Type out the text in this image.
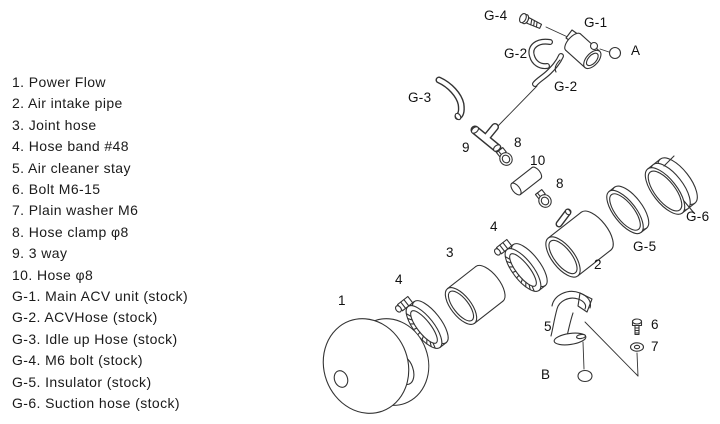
1. Power Flow
2. Air intake pipe
3. Joint hose
4. Hose band #48
5. Air cleaner stay
6. Bolt M6-15
7. Plain washer M6
8. Hose clamp φ8
9. 3 way
10. Hose φ8
G-1. Main ACV unit (stock)
G-2. ACVHose (stock)
G-3. Idle up Hose (stock)
G-4. M6 bolt (stock)
G-5. Insulator (stock)
G-6. Suction hose (stock)
G-4	G-1
A
G-2
G-2
G-3
9	8
10
8
G-6
G-5
2
4
3
4
1
5	6
7
B
